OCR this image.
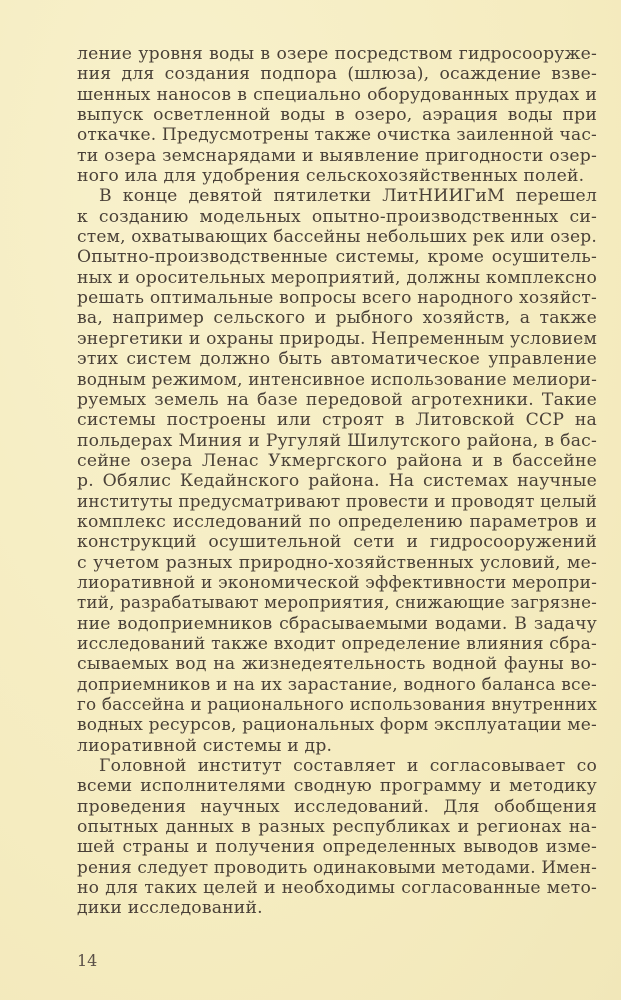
ление уровня воды в озере посредством гидросооруже-
ния для создания подпора (шлюза), осаждение взве-
шенных наносов в специально оборудованных прудах и
выпуск осветленной воды в озеро, аэрация воды при
откачке. Предусмотрены также очистка заиленной час-
ти озера земснарядами и выявление пригодности озер-
ного ила для удобрения сельскохозяйственных полей.
В конце девятой пятилетки ЛитНИИГиМ перешел
к созданию модельных опытно-производственных си-
стем, охватывающих бассейны небольших рек или озер.
Опытно-производственные системы, кроме осушитель-
ных и оросительных мероприятий, должны комплексно
решать оптимальные вопросы всего народного хозяйст-
ва, например сельского и рыбного хозяйств, а также
энергетики и охраны природы. Непременным условием
этих систем должно быть автоматическое управление
водным режимом, интенсивное использование мелиори-
руемых земель на базе передовой агротехники. Такие
системы построены или строят в Литовской ССР на
польдерах Миния и Ругуляй Шилутского района, в бас-
сейне озера Ленас Укмергского района и в бассейне
р. Обялис Кедайнского района. На системах научные
институты предусматривают провести и проводят целый
комплекс исследований по определению параметров и
конструкций осушительной сети и гидросооружений
с учетом разных природно-хозяйственных условий, ме-
лиоративной и экономической эффективности меропри-
тий, разрабатывают мероприятия, снижающие загрязне-
ние водоприемников сбрасываемыми водами. В задачу
исследований также входит определение влияния сбра-
сываемых вод на жизнедеятельность водной фауны во-
доприемников и на их зарастание, водного баланса все-
го бассейна и рационального использования внутренних
водных ресурсов, рациональных форм эксплуатации ме-
лиоративной системы и др.
Головной институт составляет и согласовывает со
всеми исполнителями сводную программу и методику
проведения научных исследований. Для обобщения
опытных данных в разных республиках и регионах на-
шей страны и получения определенных выводов изме-
рения следует проводить одинаковыми методами. Имен-
но для таких целей и необходимы согласованные мето-
дики исследований.
14
